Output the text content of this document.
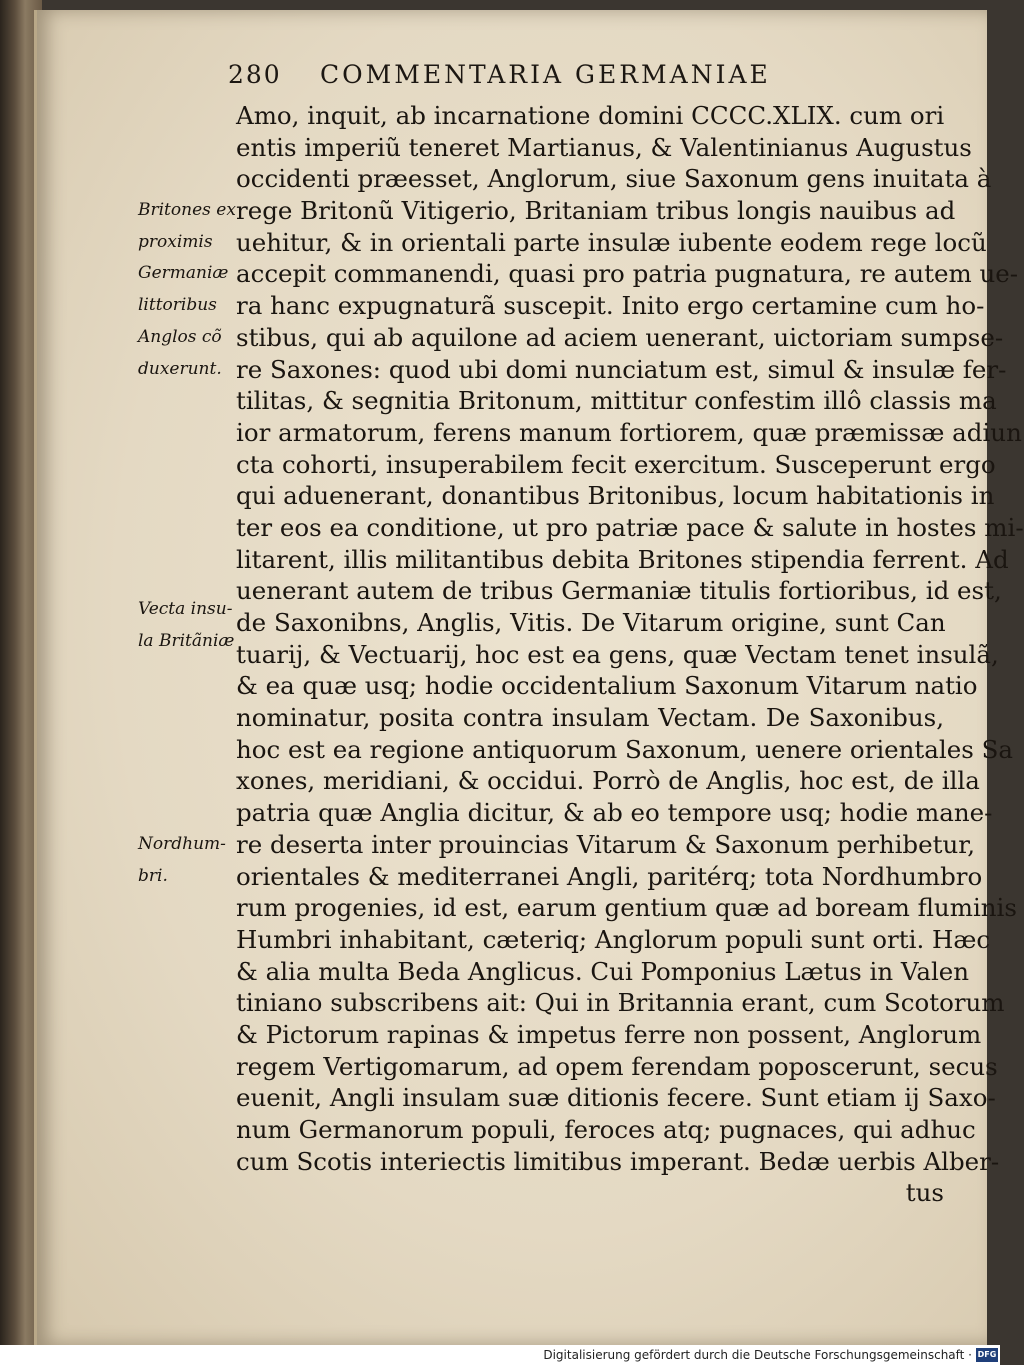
280 COMMENTARIA GERMANIAE
Amo, inquit, ab incarnatione domini CCCC.XLIX. cum ori
entis imperiũ teneret Martianus, & Valentinianus Augustus
occidenti præesset, Anglorum, siue Saxonum gens inuitata à
rege Britonũ Vitigerio, Britaniam tribus longis nauibus ad
uehitur, & in orientali parte insulæ iubente eodem rege locũ
accepit commanendi, quasi pro patria pugnatura, re autem ue-
ra hanc expugnaturã suscepit. Inito ergo certamine cum ho-
stibus, qui ab aquilone ad aciem uenerant, uictoriam sumpse-
re Saxones: quod ubi domi nunciatum est, simul & insulæ fer-
tilitas, & segnitia Britonum, mittitur confestim illô classis ma
ior armatorum, ferens manum fortiorem, quæ præmissæ adiun
cta cohorti, insuperabilem fecit exercitum. Susceperunt ergo
qui aduenerant, donantibus Britonibus, locum habitationis in
ter eos ea conditione, ut pro patriæ pace & salute in hostes mi-
litarent, illis militantibus debita Britones stipendia ferrent. Ad
uenerant autem de tribus Germaniæ titulis fortioribus, id est,
de Saxonibns, Anglis, Vitis. De Vitarum origine, sunt Can
tuarij, & Vectuarij, hoc est ea gens, quæ Vectam tenet insulã,
& ea quæ usq; hodie occidentalium Saxonum Vitarum natio
nominatur, posita contra insulam Vectam. De Saxonibus,
hoc est ea regione antiquorum Saxonum, uenere orientales Sa
xones, meridiani, & occidui. Porrò de Anglis, hoc est, de illa
patria quæ Anglia dicitur, & ab eo tempore usq; hodie mane-
re deserta inter prouincias Vitarum & Saxonum perhibetur,
orientales & mediterranei Angli, paritérq; tota Nordhumbro
rum progenies, id est, earum gentium quæ ad boream fluminis
Humbri inhabitant, cæteriq; Anglorum populi sunt orti. Hæc
& alia multa Beda Anglicus. Cui Pomponius Lætus in Valen
tiniano subscribens ait: Qui in Britannia erant, cum Scotorum
& Pictorum rapinas & impetus ferre non possent, Anglorum
regem Vertigomarum, ad opem ferendam poposcerunt, secus
euenit, Angli insulam suæ ditionis fecere. Sunt etiam ij Saxo-
num Germanorum populi, feroces atq; pugnaces, qui adhuc
cum Scotis interiectis limitibus imperant. Bedæ uerbis Alber-
tus
Britones ex
proximis
Germaniæ
littoribus
Anglos cõ
duxerunt.
Vecta insu-
la Britãniæ
Nordhum-
bri.
Digitalisierung gefördert durch die Deutsche Forschungsgemeinschaft · DFG
